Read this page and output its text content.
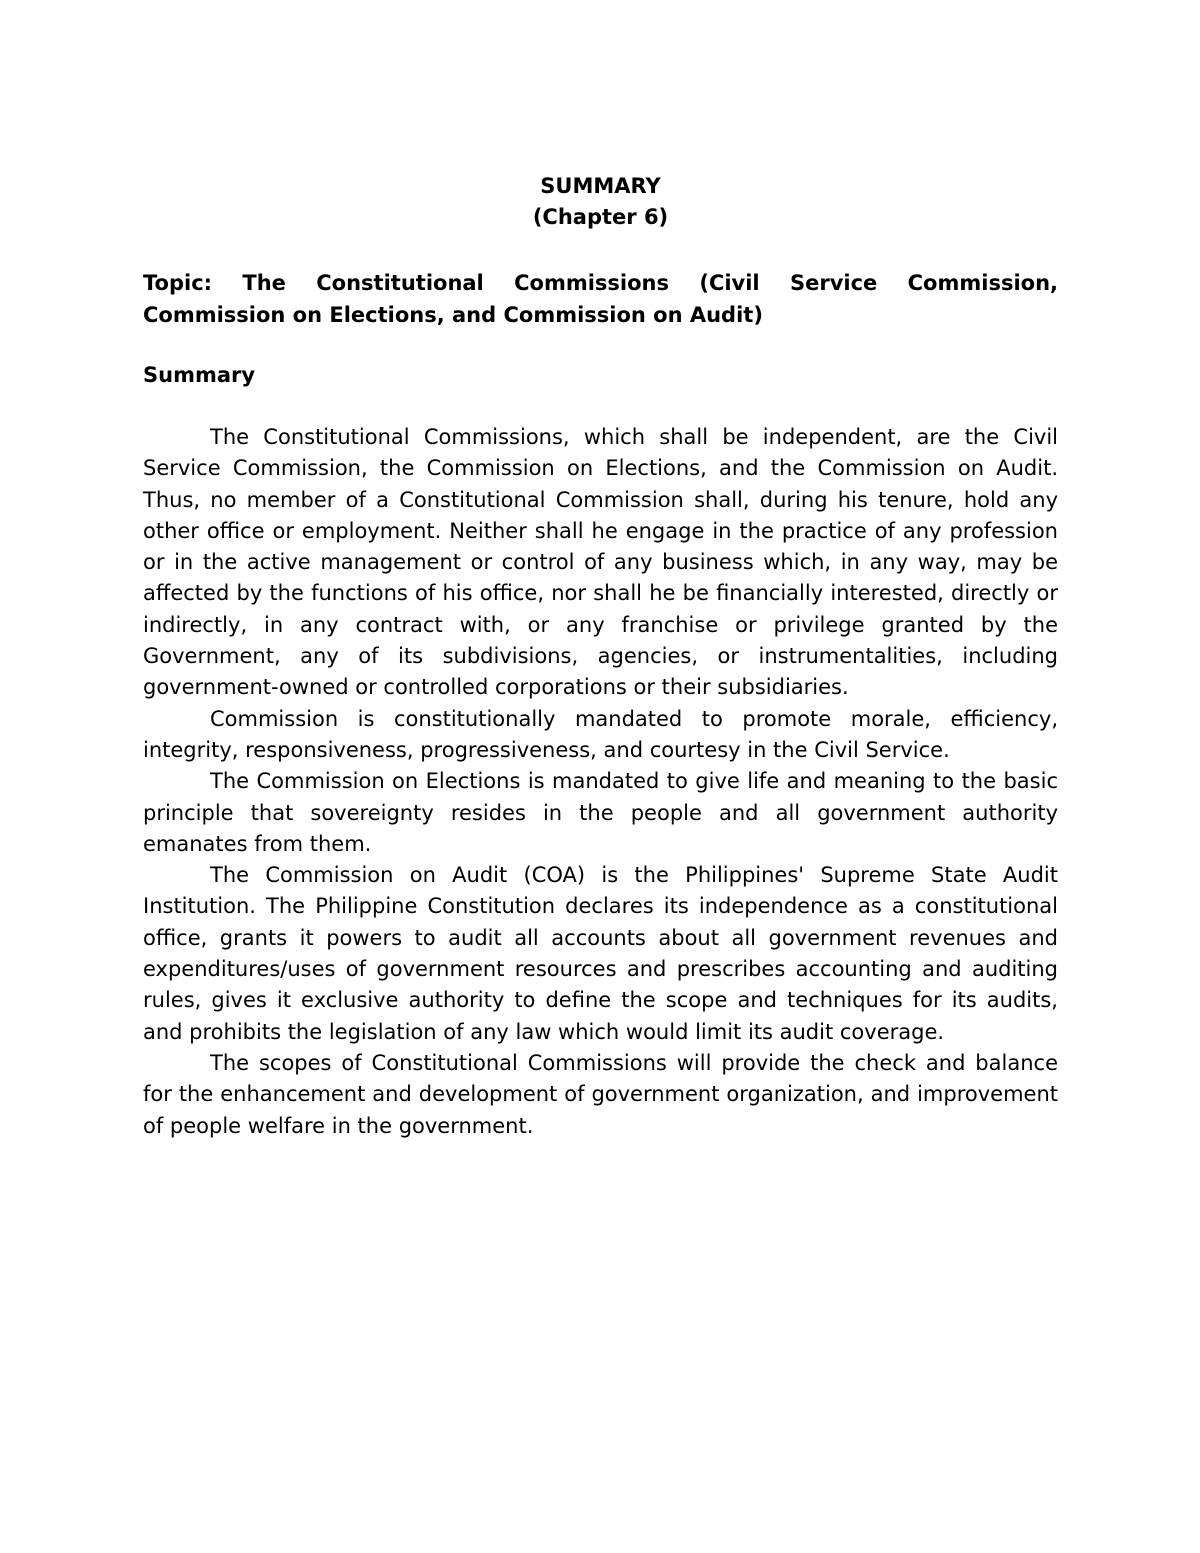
SUMMARY

(Chapter 6)

Topic: The Constitutional Commissions (Civil Service Commission, Commission on Elections, and Commission on Audit)
Summary

The Constitutional Commissions, which shall be independent, are the Civil Service Commission, the Commission on Elections, and the Commission on Audit. Thus, no member of a Constitutional Commission shall, during his tenure, hold any other office or employment. Neither shall he engage in the practice of any profession or in the active management or control of any business which, in any way, may be affected by the functions of his office, nor shall he be financially interested, directly or indirectly, in any contract with, or any franchise or privilege granted by the Government, any of its subdivisions, agencies, or instrumentalities, including government-owned or controlled corporations or their subsidiaries.

Commission is constitutionally mandated to promote morale, efficiency, integrity, responsiveness, progressiveness, and courtesy in the Civil Service.

The Commission on Elections is mandated to give life and meaning to the basic principle that sovereignty resides in the people and all government authority emanates from them.

The Commission on Audit (COA) is the Philippines' Supreme State Audit Institution. The Philippine Constitution declares its independence as a constitutional office, grants it powers to audit all accounts about all government revenues and expenditures/uses of government resources and prescribes accounting and auditing rules, gives it exclusive authority to define the scope and techniques for its audits, and prohibits the legislation of any law which would limit its audit coverage.

The scopes of Constitutional Commissions will provide the check and balance for the enhancement and development of government organization, and improvement of people welfare in the government.
